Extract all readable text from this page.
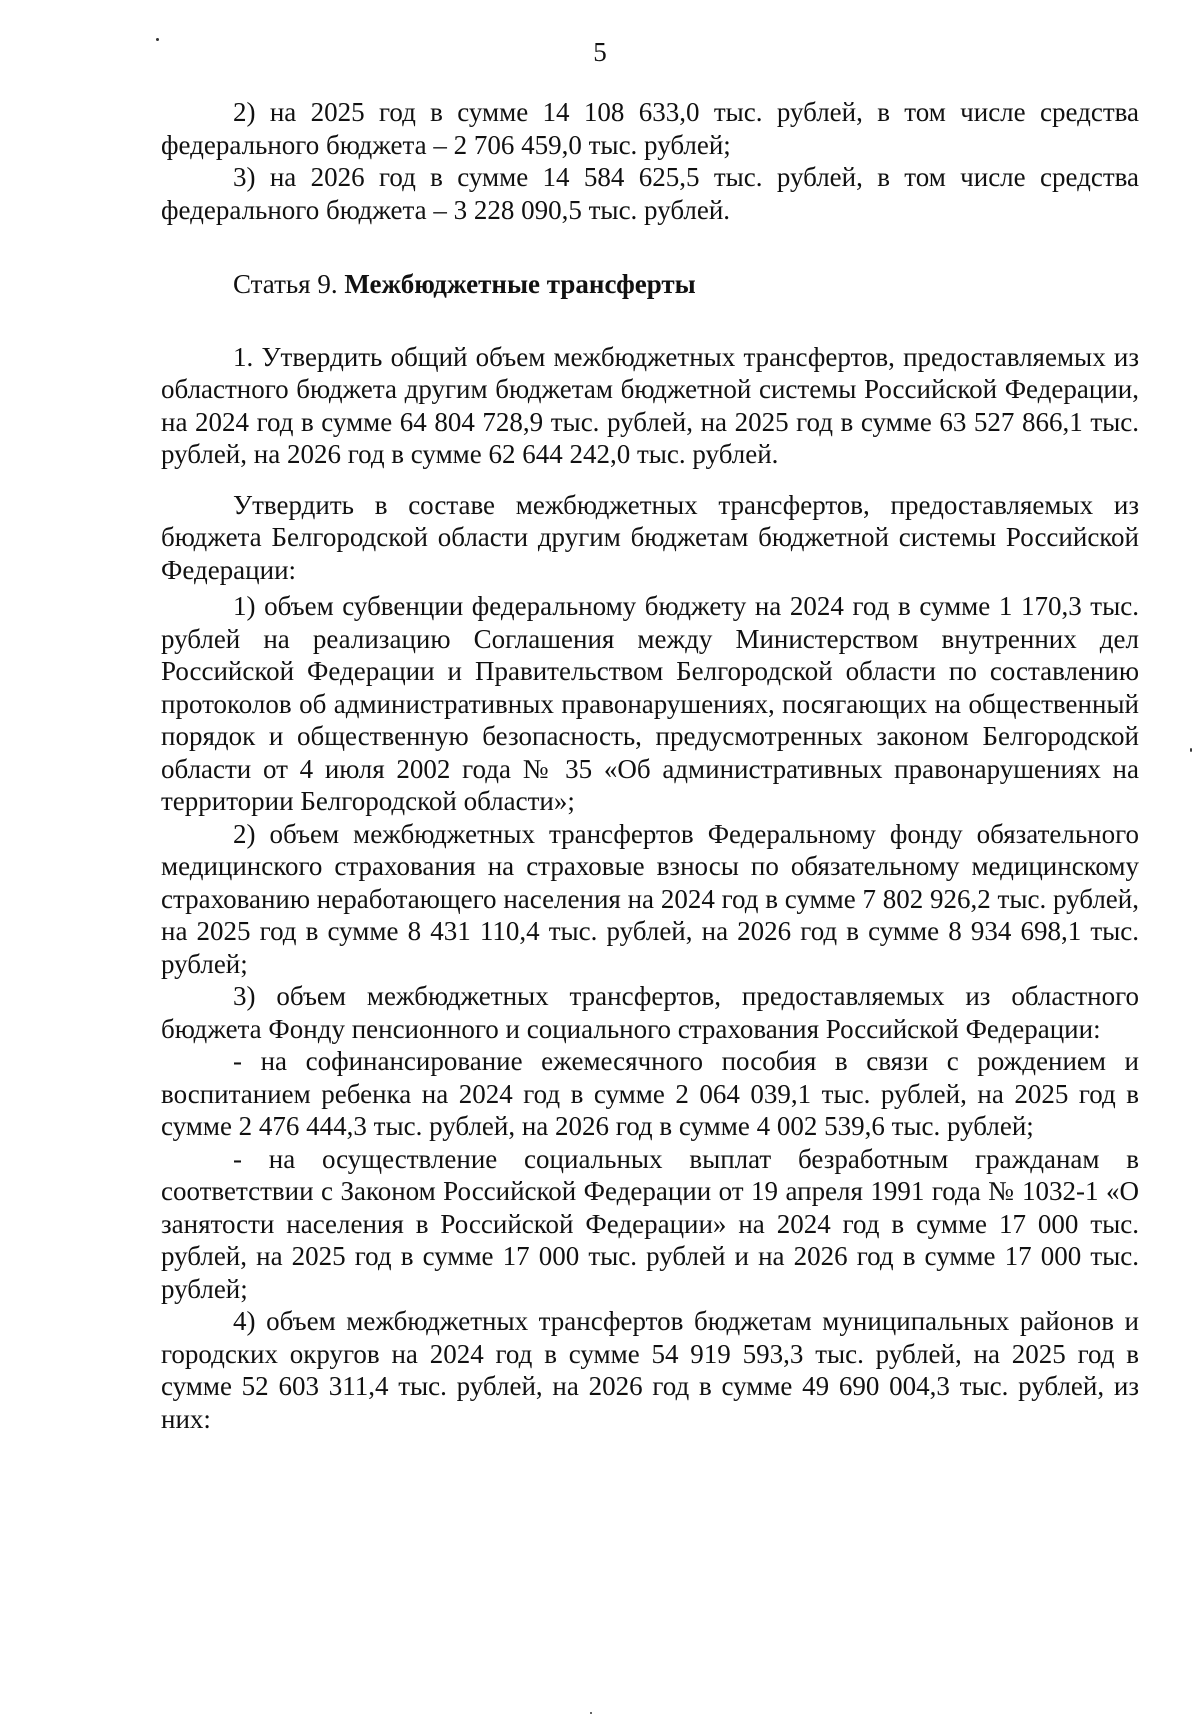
5

2) на 2025 год в сумме 14 108 633,0 тыс. рублей, в том числе средства федерального бюджета – 2 706 459,0 тыс. рублей;

3) на 2026 год в сумме 14 584 625,5 тыс. рублей, в том числе средства федерального бюджета – 3 228 090,5 тыс. рублей.

Статья 9. Межбюджетные трансферты

1. Утвердить общий объем межбюджетных трансфертов, предоставляемых из областного бюджета другим бюджетам бюджетной системы Российской Федерации, на 2024 год в сумме 64 804 728,9 тыс. рублей, на 2025 год в сумме 63 527 866,1 тыс. рублей, на 2026 год в сумме 62 644 242,0 тыс. рублей.

Утвердить в составе межбюджетных трансфертов, предоставляемых из бюджета Белгородской области другим бюджетам бюджетной системы Российской Федерации:

1) объем субвенции федеральному бюджету на 2024 год в сумме 1 170,3 тыс. рублей на реализацию Соглашения между Министерством внутренних дел Российской Федерации и Правительством Белгородской области по составлению протоколов об административных правонарушениях, посягающих на общественный порядок и общественную безопасность, предусмотренных законом Белгородской области от 4 июля 2002 года № 35 «Об административных правонарушениях на территории Белгородской области»;

2) объем межбюджетных трансфертов Федеральному фонду обязательного медицинского страхования на страховые взносы по обязательному медицинскому страхованию неработающего населения на 2024 год в сумме 7 802 926,2 тыс. рублей, на 2025 год в сумме 8 431 110,4 тыс. рублей, на 2026 год в сумме 8 934 698,1 тыс. рублей;

3) объем межбюджетных трансфертов, предоставляемых из областного бюджета Фонду пенсионного и социального страхования Российской Федерации:

- на софинансирование ежемесячного пособия в связи с рождением и воспитанием ребенка на 2024 год в сумме 2 064 039,1 тыс. рублей, на 2025 год в сумме 2 476 444,3 тыс. рублей, на 2026 год в сумме 4 002 539,6 тыс. рублей;

- на осуществление социальных выплат безработным гражданам в соответствии с Законом Российской Федерации от 19 апреля 1991 года № 1032-1 «О занятости населения в Российской Федерации» на 2024 год в сумме 17 000 тыс. рублей, на 2025 год в сумме 17 000 тыс. рублей и на 2026 год в сумме 17 000 тыс. рублей;

4) объем межбюджетных трансфертов бюджетам муниципальных районов и городских округов на 2024 год в сумме 54 919 593,3 тыс. рублей, на 2025 год в сумме 52 603 311,4 тыс. рублей, на 2026 год в сумме 49 690 004,3 тыс. рублей, из них:
